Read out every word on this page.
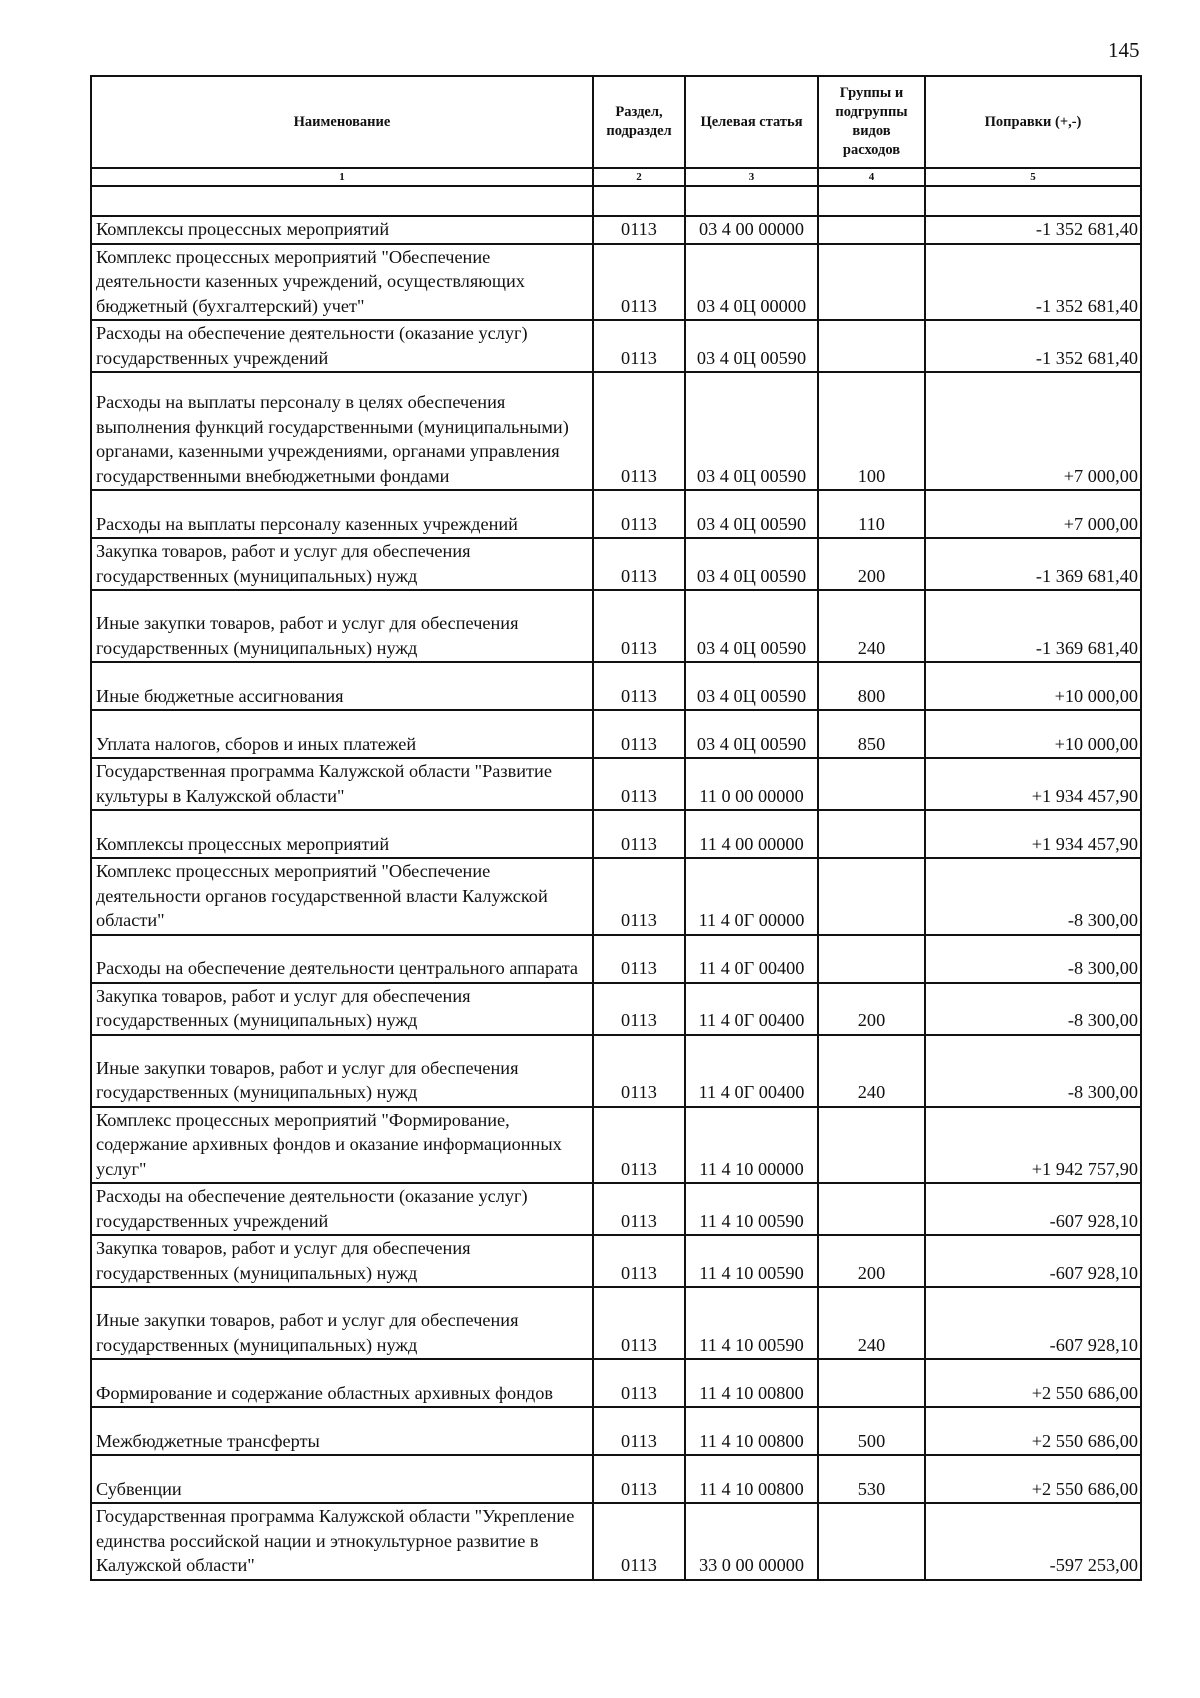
145
Наименование	Раздел, подраздел	Целевая статья	Группы и подгруппы видов расходов	Поправки (+,-)
1	2	3	4	5

Комплексы процессных мероприятий	0113	03 4 00 00000		-1 352 681,40
Комплекс процессных мероприятий "Обеспечение деятельности казенных учреждений, осуществляющих бюджетный (бухгалтерский) учет"	0113	03 4 0Ц 00000		-1 352 681,40
Расходы на обеспечение деятельности (оказание услуг) государственных учреждений	0113	03 4 0Ц 00590		-1 352 681,40
Расходы на выплаты персоналу в целях обеспечения выполнения функций государственными (муниципальными) органами, казенными учреждениями, органами управления государственными внебюджетными фондами	0113	03 4 0Ц 00590	100	+7 000,00
Расходы на выплаты персоналу казенных учреждений	0113	03 4 0Ц 00590	110	+7 000,00
Закупка товаров, работ и услуг для обеспечения государственных (муниципальных) нужд	0113	03 4 0Ц 00590	200	-1 369 681,40
Иные закупки товаров, работ и услуг для обеспечения государственных (муниципальных) нужд	0113	03 4 0Ц 00590	240	-1 369 681,40
Иные бюджетные ассигнования	0113	03 4 0Ц 00590	800	+10 000,00
Уплата налогов, сборов и иных платежей	0113	03 4 0Ц 00590	850	+10 000,00
Государственная программа Калужской области "Развитие культуры в Калужской области"	0113	11 0 00 00000		+1 934 457,90
Комплексы процессных мероприятий	0113	11 4 00 00000		+1 934 457,90
Комплекс процессных мероприятий "Обеспечение деятельности органов государственной власти Калужской области"	0113	11 4 0Г 00000		-8 300,00
Расходы на обеспечение деятельности центрального аппарата	0113	11 4 0Г 00400		-8 300,00
Закупка товаров, работ и услуг для обеспечения государственных (муниципальных) нужд	0113	11 4 0Г 00400	200	-8 300,00
Иные закупки товаров, работ и услуг для обеспечения государственных (муниципальных) нужд	0113	11 4 0Г 00400	240	-8 300,00
Комплекс процессных мероприятий "Формирование, содержание архивных фондов и оказание информационных услуг"	0113	11 4 10 00000		+1 942 757,90
Расходы на обеспечение деятельности (оказание услуг) государственных учреждений	0113	11 4 10 00590		-607 928,10
Закупка товаров, работ и услуг для обеспечения государственных (муниципальных) нужд	0113	11 4 10 00590	200	-607 928,10
Иные закупки товаров, работ и услуг для обеспечения государственных (муниципальных) нужд	0113	11 4 10 00590	240	-607 928,10
Формирование и содержание областных архивных фондов	0113	11 4 10 00800		+2 550 686,00
Межбюджетные трансферты	0113	11 4 10 00800	500	+2 550 686,00
Субвенции	0113	11 4 10 00800	530	+2 550 686,00
Государственная программа Калужской области "Укрепление единства российской нации и этнокультурное развитие в Калужской области"	0113	33 0 00 00000		-597 253,00
